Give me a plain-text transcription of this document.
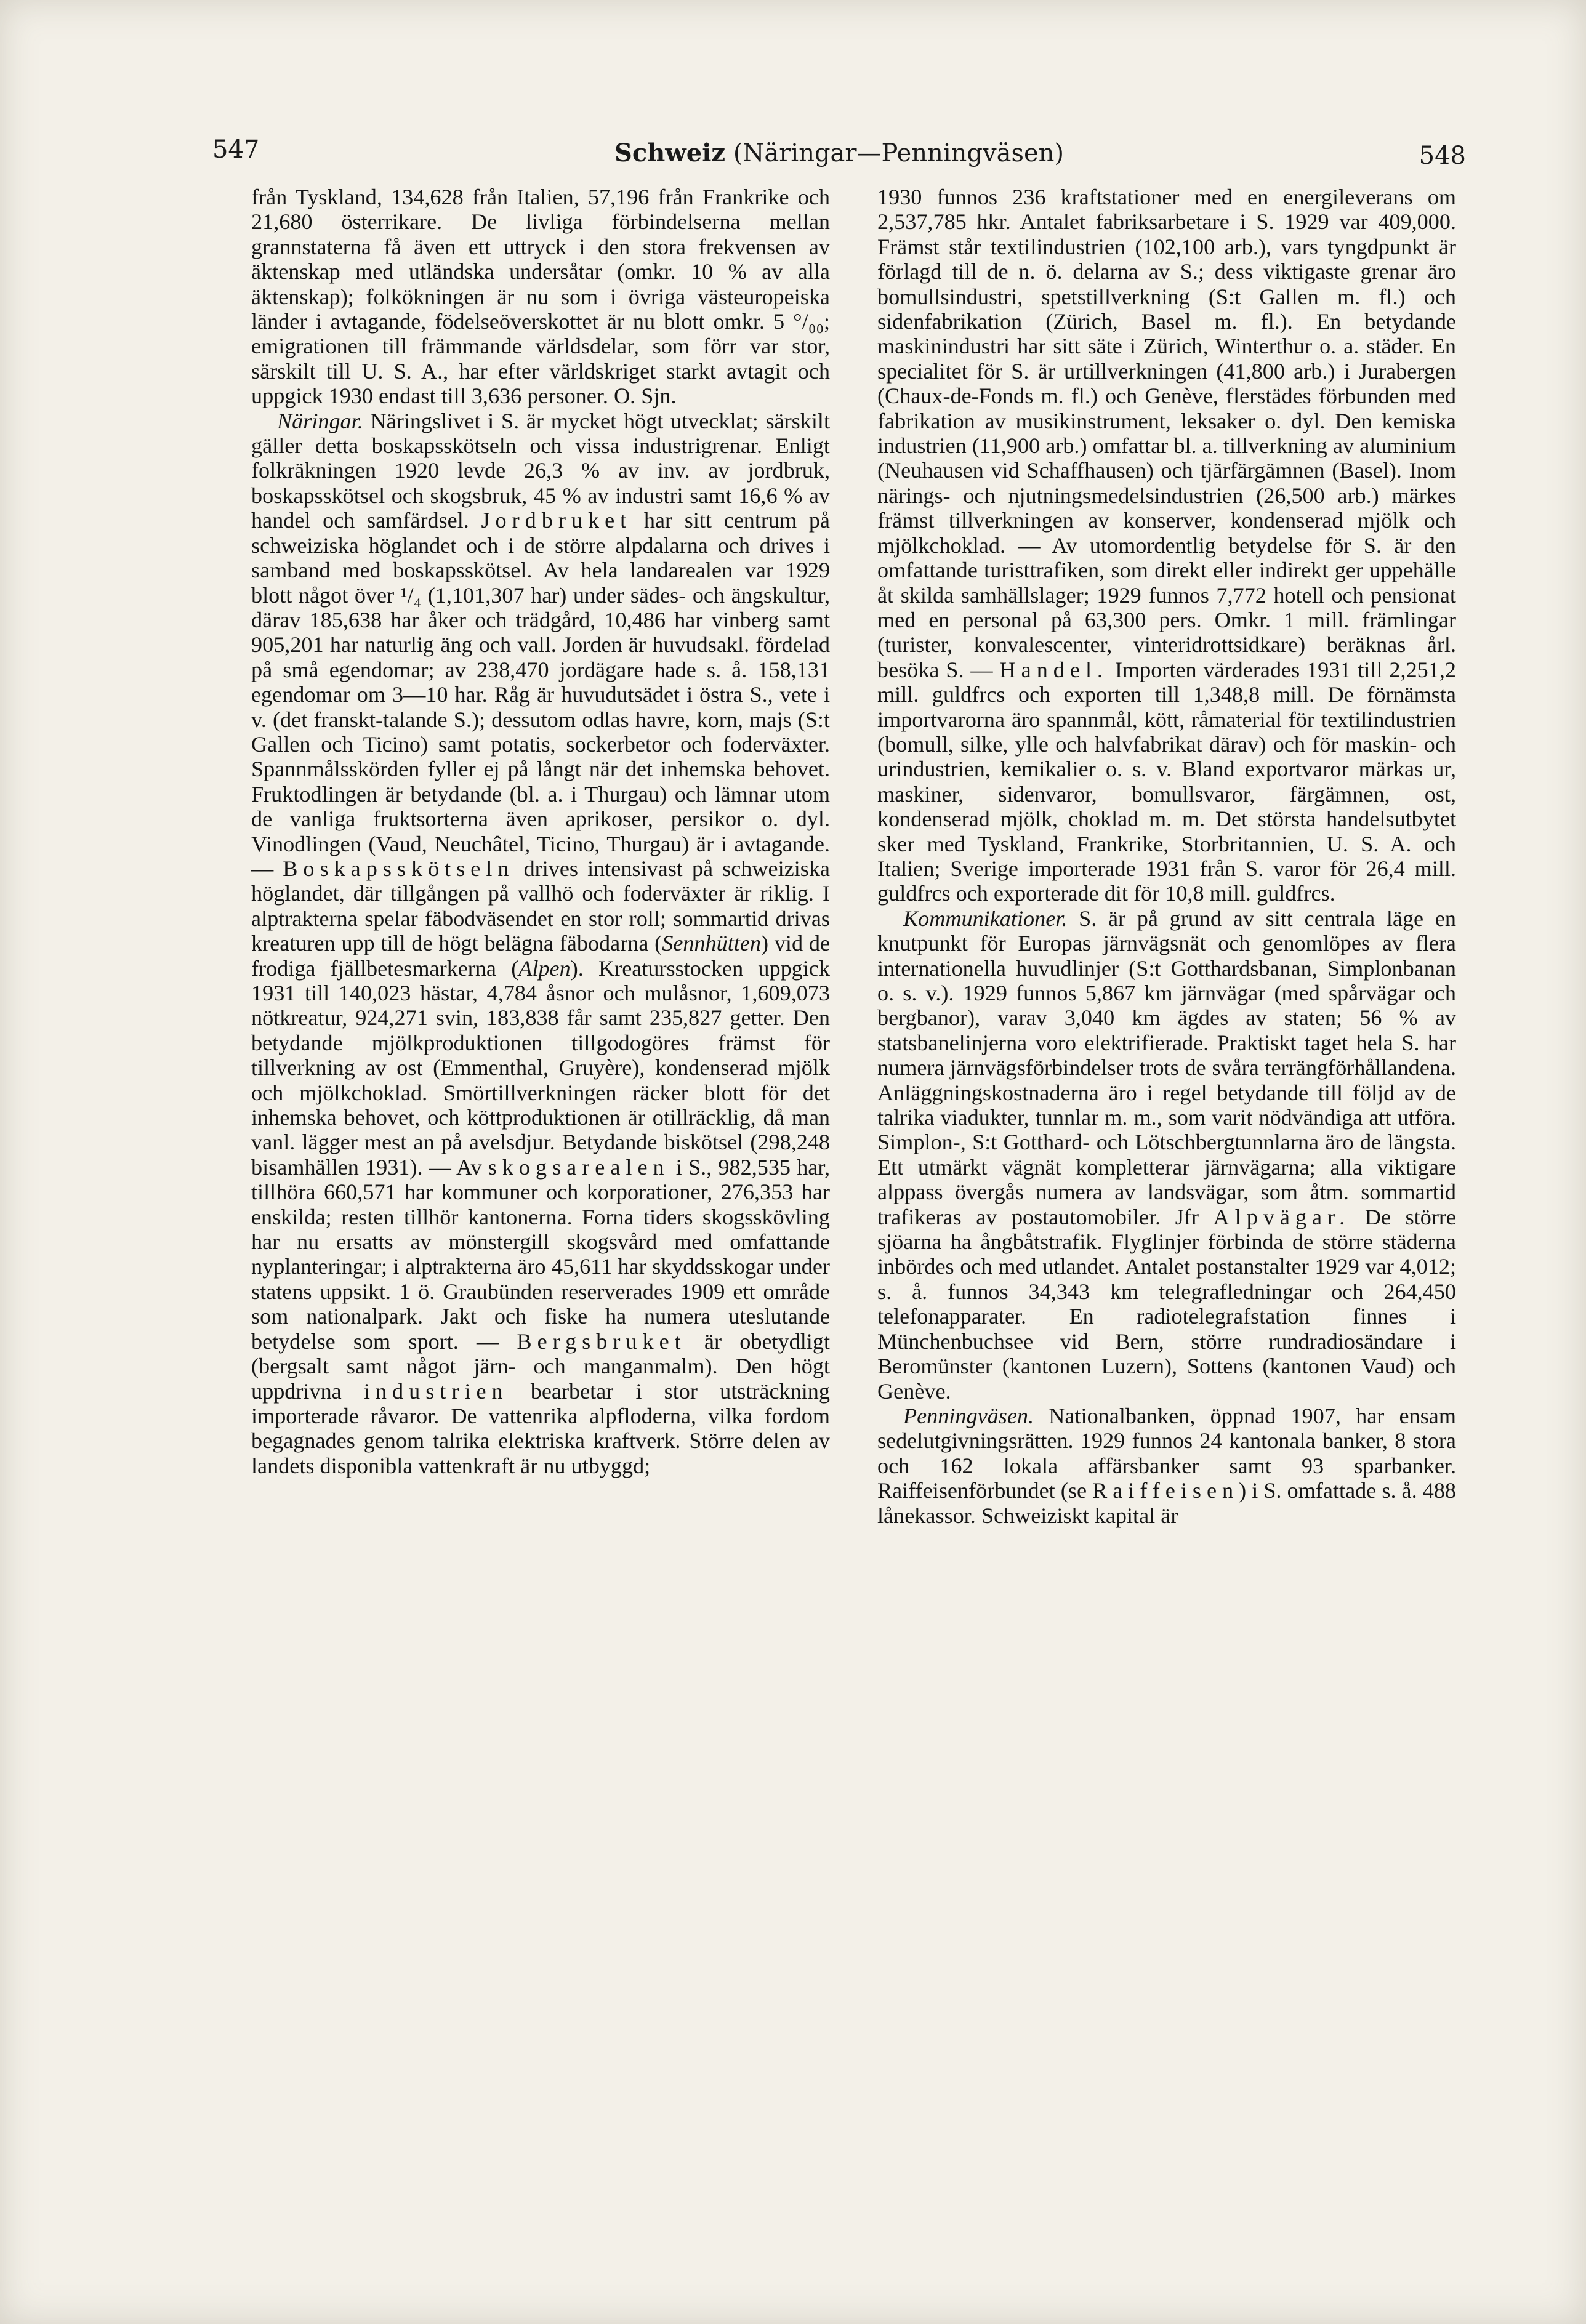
547	Schweiz (Näringar—Penningväsen)	548

från Tyskland, 134,628 från Italien, 57,196 från Frankrike och 21,680 österrikare. De livliga förbindelserna mellan grannstaterna få även ett uttryck i den stora frekvensen av äktenskap med utländska undersåtar (omkr. 10 % av alla äktenskap); folkökningen är nu som i övriga västeuropeiska länder i avtagande, födelseöverskottet är nu blott omkr. 5 °/₀₀; emigrationen till främmande världsdelar, som förr var stor, särskilt till U. S. A., har efter världskriget starkt avtagit och uppgick 1930 endast till 3,636 personer. O. Sjn.

Näringar. Näringslivet i S. är mycket högt utvecklat; särskilt gäller detta boskapsskötseln och vissa industrigrenar. Enligt folkräkningen 1920 levde 26,3 % av inv. av jordbruk, boskapsskötsel och skogsbruk, 45 % av industri samt 16,6 % av handel och samfärdsel. Jordbruket har sitt centrum på schweiziska höglandet och i de större alpdalarna och drives i samband med boskapsskötsel. Av hela landarealen var 1929 blott något över ¹/₄ (1,101,307 har) under sädes- och ängskultur, därav 185,638 har åker och trädgård, 10,486 har vinberg samt 905,201 har naturlig äng och vall. Jorden är huvudsakl. fördelad på små egendomar; av 238,470 jordägare hade s. å. 158,131 egendomar om 3—10 har. Råg är huvudutsädet i östra S., vete i v. (det franskt-talande S.); dessutom odlas havre, korn, majs (S:t Gallen och Ticino) samt potatis, sockerbetor och foderväxter. Spannmålsskörden fyller ej på långt när det inhemska behovet. Fruktodlingen är betydande (bl. a. i Thurgau) och lämnar utom de vanliga fruktsorterna även aprikoser, persikor o. dyl. Vinodlingen (Vaud, Neuchâtel, Ticino, Thurgau) är i avtagande. — Boskapsskötseln drives intensivast på schweiziska höglandet, där tillgången på vallhö och foderväxter är riklig. I alptrakterna spelar fäbodväsendet en stor roll; sommartid drivas kreaturen upp till de högt belägna fäbodarna (Sennhütten) vid de frodiga fjällbetesmarkerna (Alpen). Kreatursstocken uppgick 1931 till 140,023 hästar, 4,784 åsnor och mulåsnor, 1,609,073 nötkreatur, 924,271 svin, 183,838 får samt 235,827 getter. Den betydande mjölkproduktionen tillgodogöres främst för tillverkning av ost (Emmenthal, Gruyère), kondenserad mjölk och mjölkchoklad. Smörtillverkningen räcker blott för det inhemska behovet, och köttproduktionen är otillräcklig, då man vanl. lägger mest an på avelsdjur. Betydande biskötsel (298,248 bisamhällen 1931). — Av skogsarealen i S., 982,535 har, tillhöra 660,571 har kommuner och korporationer, 276,353 har enskilda; resten tillhör kantonerna. Forna tiders skogsskövling har nu ersatts av mönstergill skogsvård med omfattande nyplanteringar; i alptrakterna äro 45,611 har skyddsskogar under statens uppsikt. 1 ö. Graubünden reserverades 1909 ett område som nationalpark. Jakt och fiske ha numera uteslutande betydelse som sport. — Bergsbruket är obetydligt (bergsalt samt något järn- och manganmalm). Den högt uppdrivna industrien bearbetar i stor utsträckning importerade råvaror. De vattenrika alpfloderna, vilka fordom begagnades genom talrika elektriska kraftverk. Större delen av landets disponibla vattenkraft är nu utbyggd;

1930 funnos 236 kraftstationer med en energileverans om 2,537,785 hkr. Antalet fabriksarbetare i S. 1929 var 409,000. Främst står textilindustrien (102,100 arb.), vars tyngdpunkt är förlagd till de n. ö. delarna av S.; dess viktigaste grenar äro bomullsindustri, spetstillverkning (S:t Gallen m. fl.) och sidenfabrikation (Zürich, Basel m. fl.). En betydande maskinindustri har sitt säte i Zürich, Winterthur o. a. städer. En specialitet för S. är urtillverkningen (41,800 arb.) i Jurabergen (Chaux-de-Fonds m. fl.) och Genève, flerstädes förbunden med fabrikation av musikinstrument, leksaker o. dyl. Den kemiska industrien (11,900 arb.) omfattar bl. a. tillverkning av aluminium (Neuhausen vid Schaffhausen) och tjärfärgämnen (Basel). Inom närings- och njutningsmedelsindustrien (26,500 arb.) märkes främst tillverkningen av konserver, kondenserad mjölk och mjölkchoklad. — Av utomordentlig betydelse för S. är den omfattande turisttrafiken, som direkt eller indirekt ger uppehälle åt skilda samhällslager; 1929 funnos 7,772 hotell och pensionat med en personal på 63,300 pers. Omkr. 1 mill. främlingar (turister, konvalescenter, vinteridrottsidkare) beräknas årl. besöka S. — Handel. Importen värderades 1931 till 2,251,2 mill. guldfrcs och exporten till 1,348,8 mill. De förnämsta importvarorna äro spannmål, kött, råmaterial för textilindustrien (bomull, silke, ylle och halvfabrikat därav) och för maskin- och urindustrien, kemikalier o. s. v. Bland exportvaror märkas ur, maskiner, sidenvaror, bomullsvaror, färgämnen, ost, kondenserad mjölk, choklad m. m. Det största handelsutbytet sker med Tyskland, Frankrike, Storbritannien, U. S. A. och Italien; Sverige importerade 1931 från S. varor för 26,4 mill. guldfrcs och exporterade dit för 10,8 mill. guldfrcs.

Kommunikationer. S. är på grund av sitt centrala läge en knutpunkt för Europas järnvägsnät och genomlöpes av flera internationella huvudlinjer (S:t Gotthardsbanan, Simplonbanan o. s. v.). 1929 funnos 5,867 km järnvägar (med spårvägar och bergbanor), varav 3,040 km ägdes av staten; 56 % av statsbanelinjerna voro elektrifierade. Praktiskt taget hela S. har numera järnvägsförbindelser trots de svåra terrängförhållandena. Anläggningskostnaderna äro i regel betydande till följd av de talrika viadukter, tunnlar m. m., som varit nödvändiga att utföra. Simplon-, S:t Gotthard- och Lötschbergtunnlarna äro de längsta. Ett utmärkt vägnät kompletterar järnvägarna; alla viktigare alppass övergås numera av landsvägar, som åtm. sommartid trafikeras av postautomobiler. Jfr Alpvägar. De större sjöarna ha ångbåtstrafik. Flyglinjer förbinda de större städerna inbördes och med utlandet. Antalet postanstalter 1929 var 4,012; s. å. funnos 34,343 km telegrafledningar och 264,450 telefonapparater. En radiotelegrafstation finnes i Münchenbuchsee vid Bern, större rundradiosändare i Beromünster (kantonen Luzern), Sottens (kantonen Vaud) och Genève.

Penningväsen. Nationalbanken, öppnad 1907, har ensam sedelutgivningsrätten. 1929 funnos 24 kantonala banker, 8 stora och 162 lokala affärsbanker samt 93 sparbanker. Raiffeisenförbundet (se Raiffeisen) i S. omfattade s. å. 488 lånekassor. Schweiziskt kapital är
